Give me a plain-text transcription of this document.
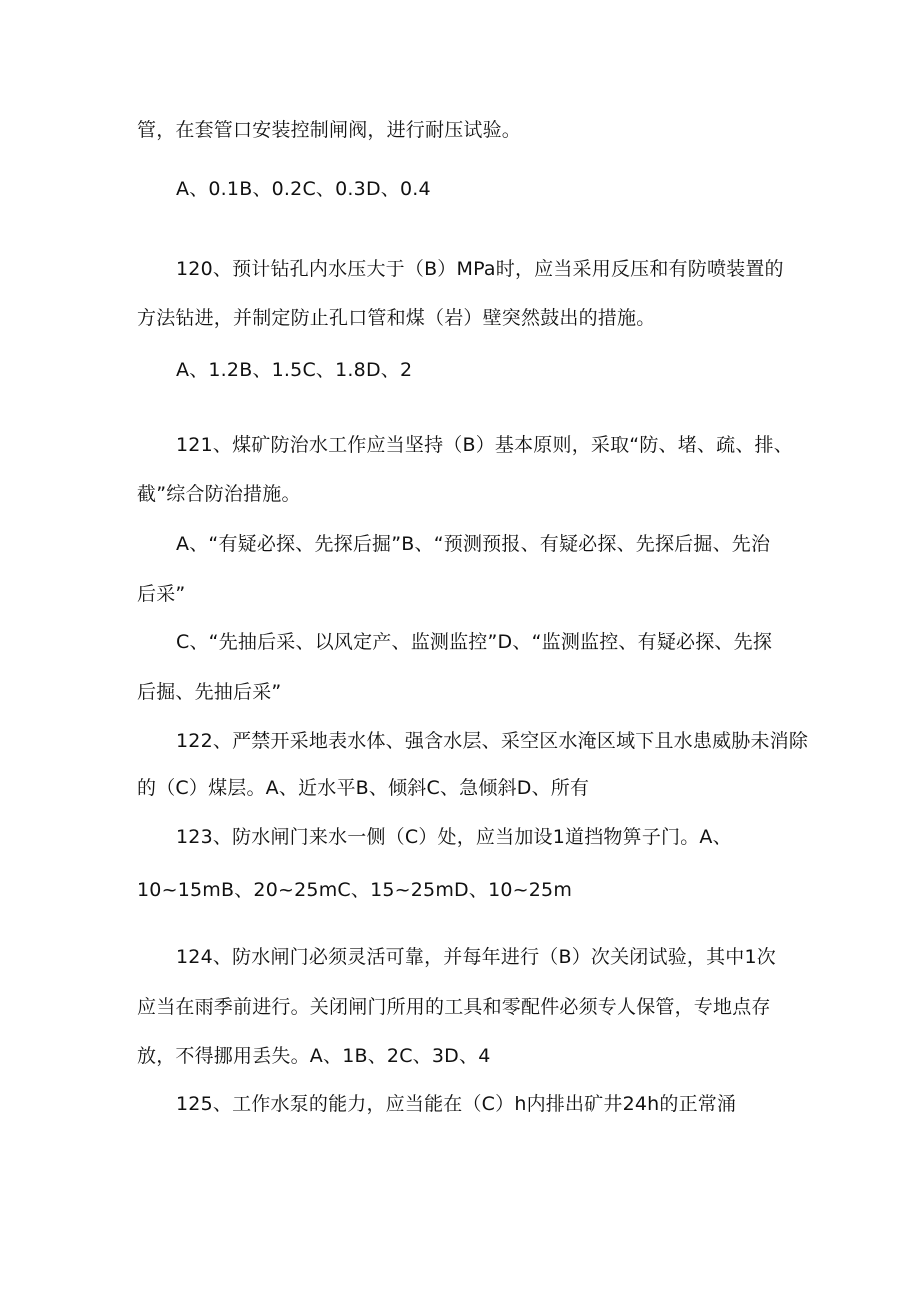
管，在套管口安装控制闸阀，进行耐压试验。
A、0.1B、0.2C、0.3D、0.4
120、预计钻孔内水压大于（B）MPa时，应当采用反压和有防喷装置的
方法钻进，并制定防止孔口管和煤（岩）壁突然鼓出的措施。
A、1.2B、1.5C、1.8D、2
121、煤矿防治水工作应当坚持（B）基本原则，采取“防、堵、疏、排、
截”综合防治措施。
A、“有疑必探、先探后掘”B、“预测预报、有疑必探、先探后掘、先治
后采”
C、“先抽后采、以风定产、监测监控”D、“监测监控、有疑必探、先探
后掘、先抽后采”
122、严禁开采地表水体、强含水层、采空区水淹区域下且水患威胁未消除
的（C）煤层。A、近水平B、倾斜C、急倾斜D、所有
123、防水闸门来水一侧（C）处，应当加设1道挡物箅子门。A、
10~15mB、20~25mC、15~25mD、10~25m
124、防水闸门必须灵活可靠，并每年进行（B）次关闭试验，其中1次
应当在雨季前进行。关闭闸门所用的工具和零配件必须专人保管，专地点存
放，不得挪用丢失。A、1B、2C、3D、4
125、工作水泵的能力，应当能在（C）h内排出矿井24h的正常涌
